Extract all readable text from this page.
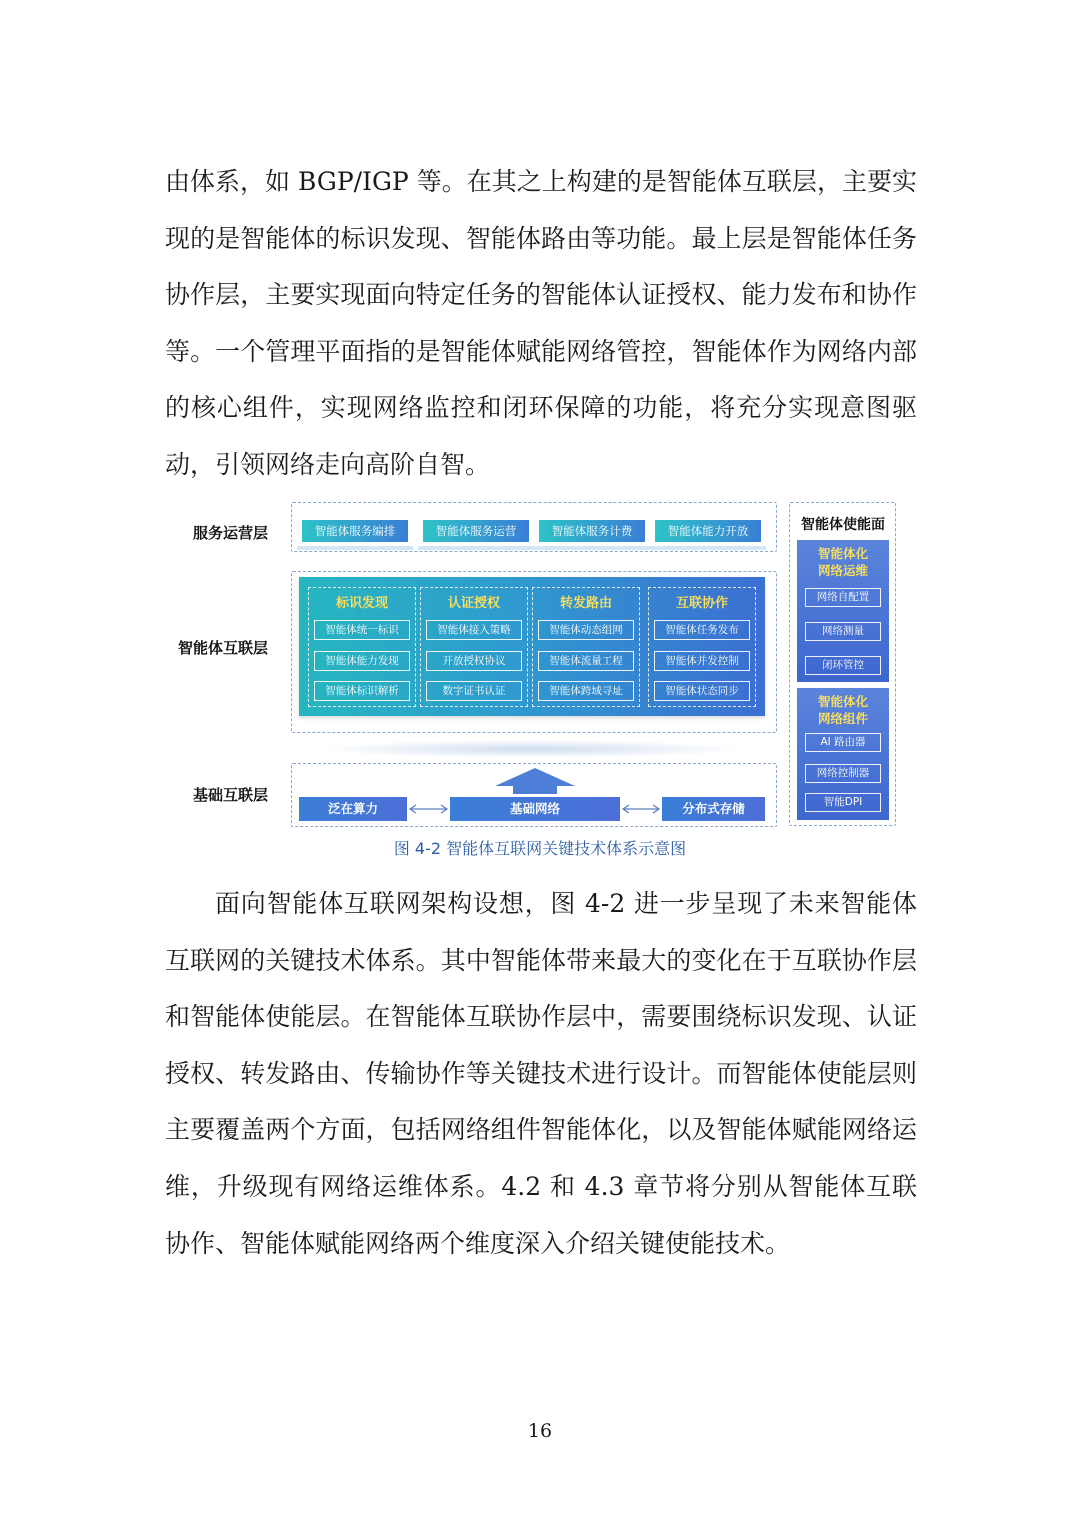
由体系，如 BGP/IGP 等。在其之上构建的是智能体互联层，主要实现的是智能体的标识发现、智能体路由等功能。最上层是智能体任务协作层，主要实现面向特定任务的智能体认证授权、能力发布和协作等。一个管理平面指的是智能体赋能网络管控，智能体作为网络内部的核心组件，实现网络监控和闭环保障的功能，将充分实现意图驱动，引领网络走向高阶自智。

服务运营层
智能体互联层
基础互联层
智能体服务编排	智能体服务运营	智能体服务计费	智能体能力开放
标识发现
智能体统一标识
智能体能力发现
智能体标识解析
认证授权
智能体接入策略
开放授权协议
数字证书认证
转发路由
智能体动态组网
智能体流量工程
智能体跨域寻址
互联协作
智能体任务发布
智能体并发控制
智能体状态同步
泛在算力	基础网络	分布式存储
智能体使能面
智能体化
网络运维
网络自配置
网络测量
闭环管控
智能体化
网络组件
AI 路由器
网络控制器
智能DPI
图 4-2 智能体互联网关键技术体系示意图

面向智能体互联网架构设想，图 4-2 进一步呈现了未来智能体互联网的关键技术体系。其中智能体带来最大的变化在于互联协作层和智能体使能层。在智能体互联协作层中，需要围绕标识发现、认证授权、转发路由、传输协作等关键技术进行设计。而智能体使能层则主要覆盖两个方面，包括网络组件智能体化，以及智能体赋能网络运维，升级现有网络运维体系。4.2 和 4.3 章节将分别从智能体互联协作、智能体赋能网络两个维度深入介绍关键使能技术。

16
